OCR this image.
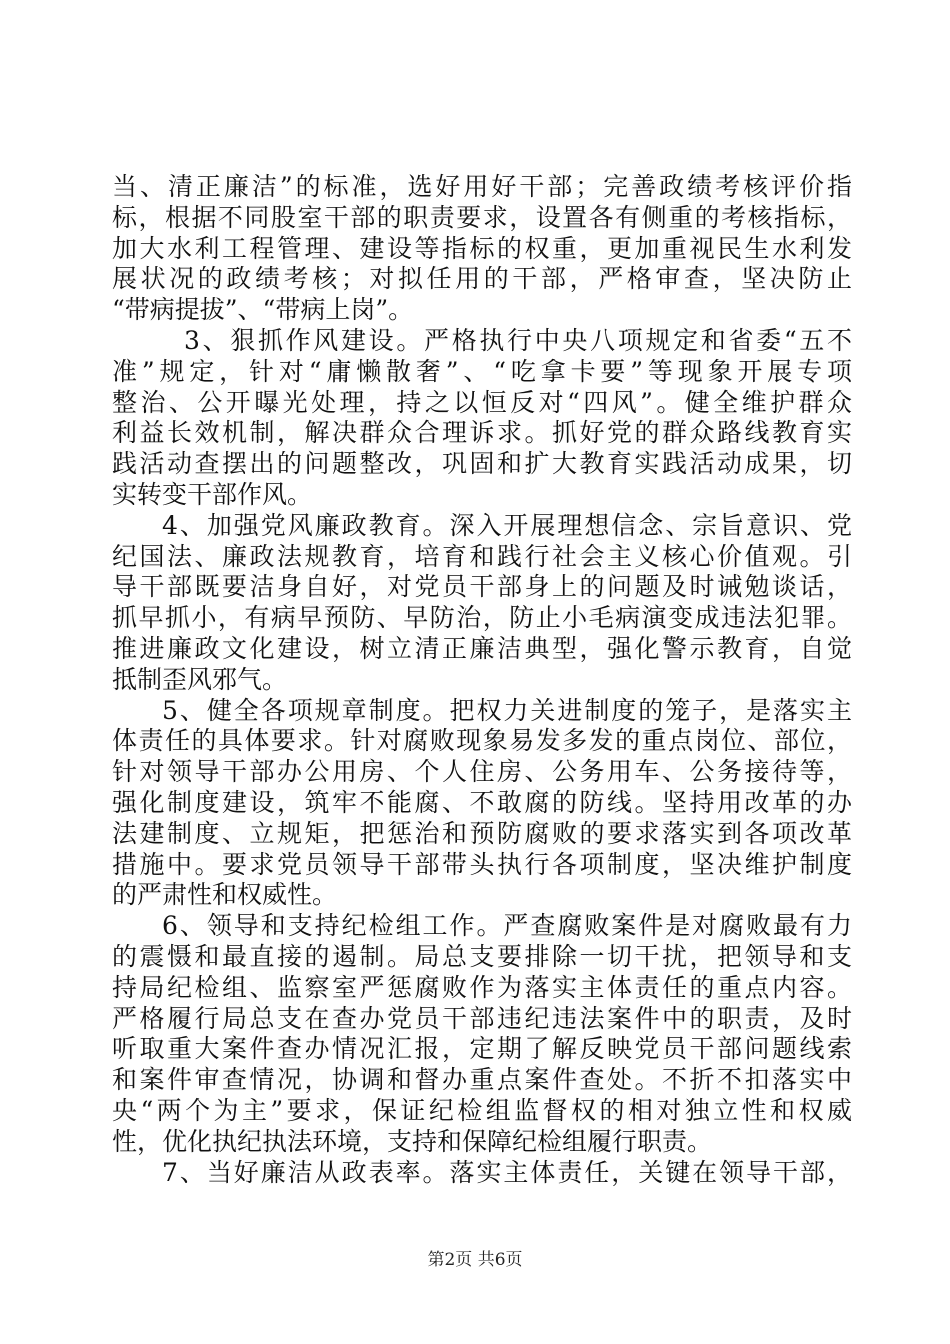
当、清正廉洁”的标准，选好用好干部；完善政绩考核评价指
标，根据不同股室干部的职责要求，设置各有侧重的考核指标，
加大水利工程管理、建设等指标的权重，更加重视民生水利发
展状况的政绩考核；对拟任用的干部，严格审查，坚决防止
“带病提拔”、“带病上岗”。
3、狠抓作风建设。严格执行中央八项规定和省委“五不
准”规定，针对“庸懒散奢”、“吃拿卡要”等现象开展专项
整治、公开曝光处理，持之以恒反对“四风”。健全维护群众
利益长效机制，解决群众合理诉求。抓好党的群众路线教育实
践活动查摆出的问题整改，巩固和扩大教育实践活动成果，切
实转变干部作风。
4、加强党风廉政教育。深入开展理想信念、宗旨意识、党
纪国法、廉政法规教育，培育和践行社会主义核心价值观。引
导干部既要洁身自好，对党员干部身上的问题及时诫勉谈话，
抓早抓小，有病早预防、早防治，防止小毛病演变成违法犯罪。
推进廉政文化建设，树立清正廉洁典型，强化警示教育，自觉
抵制歪风邪气。
5、健全各项规章制度。把权力关进制度的笼子，是落实主
体责任的具体要求。针对腐败现象易发多发的重点岗位、部位，
针对领导干部办公用房、个人住房、公务用车、公务接待等，
强化制度建设，筑牢不能腐、不敢腐的防线。坚持用改革的办
法建制度、立规矩，把惩治和预防腐败的要求落实到各项改革
措施中。要求党员领导干部带头执行各项制度，坚决维护制度
的严肃性和权威性。
6、领导和支持纪检组工作。严查腐败案件是对腐败最有力
的震慑和最直接的遏制。局总支要排除一切干扰，把领导和支
持局纪检组、监察室严惩腐败作为落实主体责任的重点内容。
严格履行局总支在查办党员干部违纪违法案件中的职责，及时
听取重大案件查办情况汇报，定期了解反映党员干部问题线索
和案件审查情况，协调和督办重点案件查处。不折不扣落实中
央“两个为主”要求，保证纪检组监督权的相对独立性和权威
性，优化执纪执法环境，支持和保障纪检组履行职责。
7、当好廉洁从政表率。落实主体责任，关键在领导干部，
第2页 共6页
